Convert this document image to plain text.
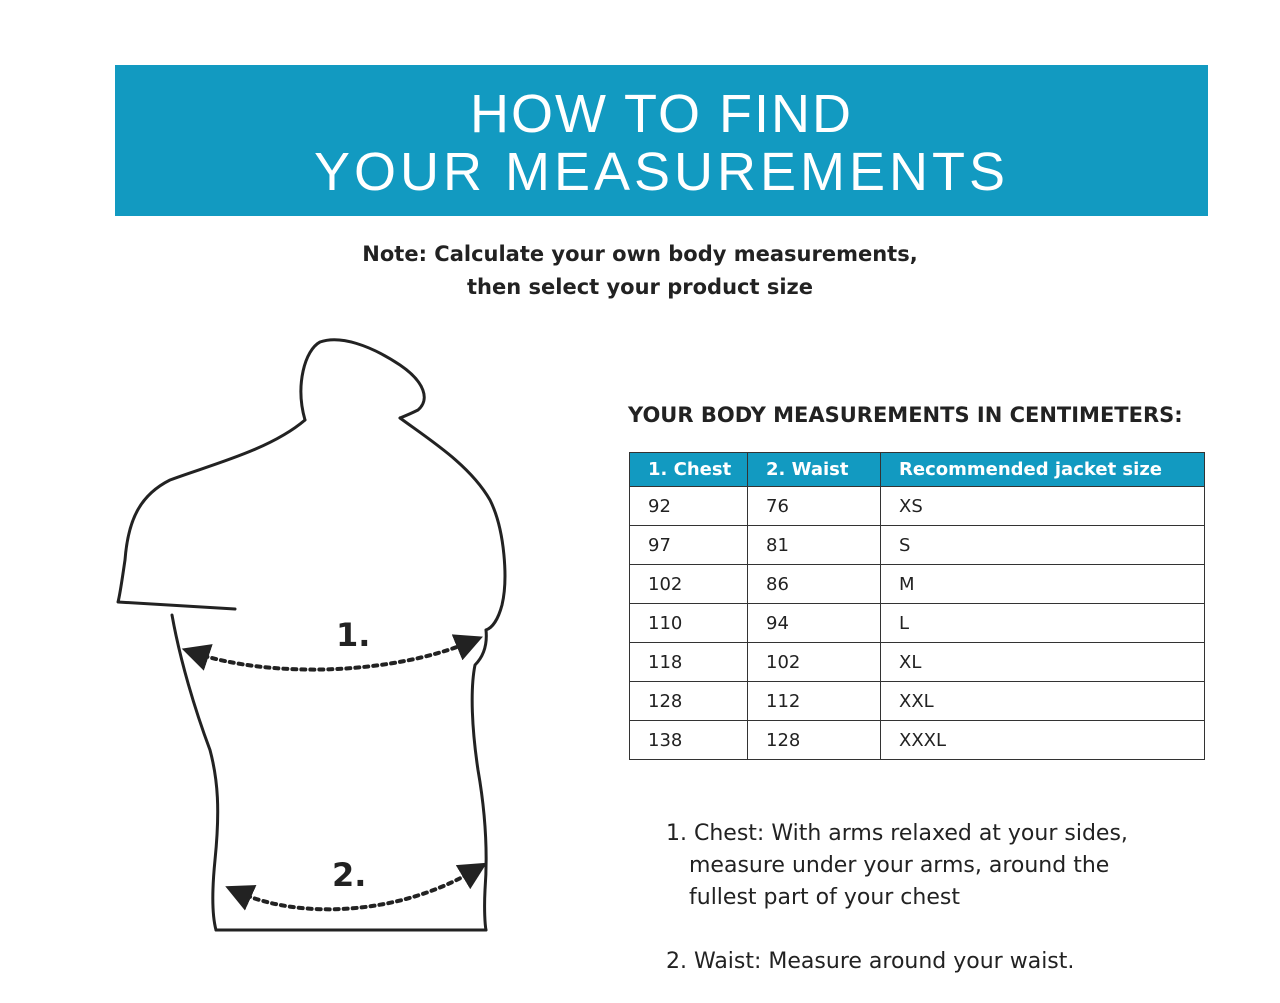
HOW TO FIND
YOUR MEASUREMENTS
Note: Calculate your own body measurements,
then select your product size
1.
2.
YOUR BODY MEASUREMENTS IN CENTIMETERS:
1. Chest	2. Waist	Recommended jacket size
92	76	XS
97	81	S
102	86	M
110	94	L
118	102	XL
128	112	XXL
138	128	XXXL
1. Chest: With arms relaxed at your sides,
measure under your arms, around the
fullest part of your chest
2. Waist: Measure around your waist.
